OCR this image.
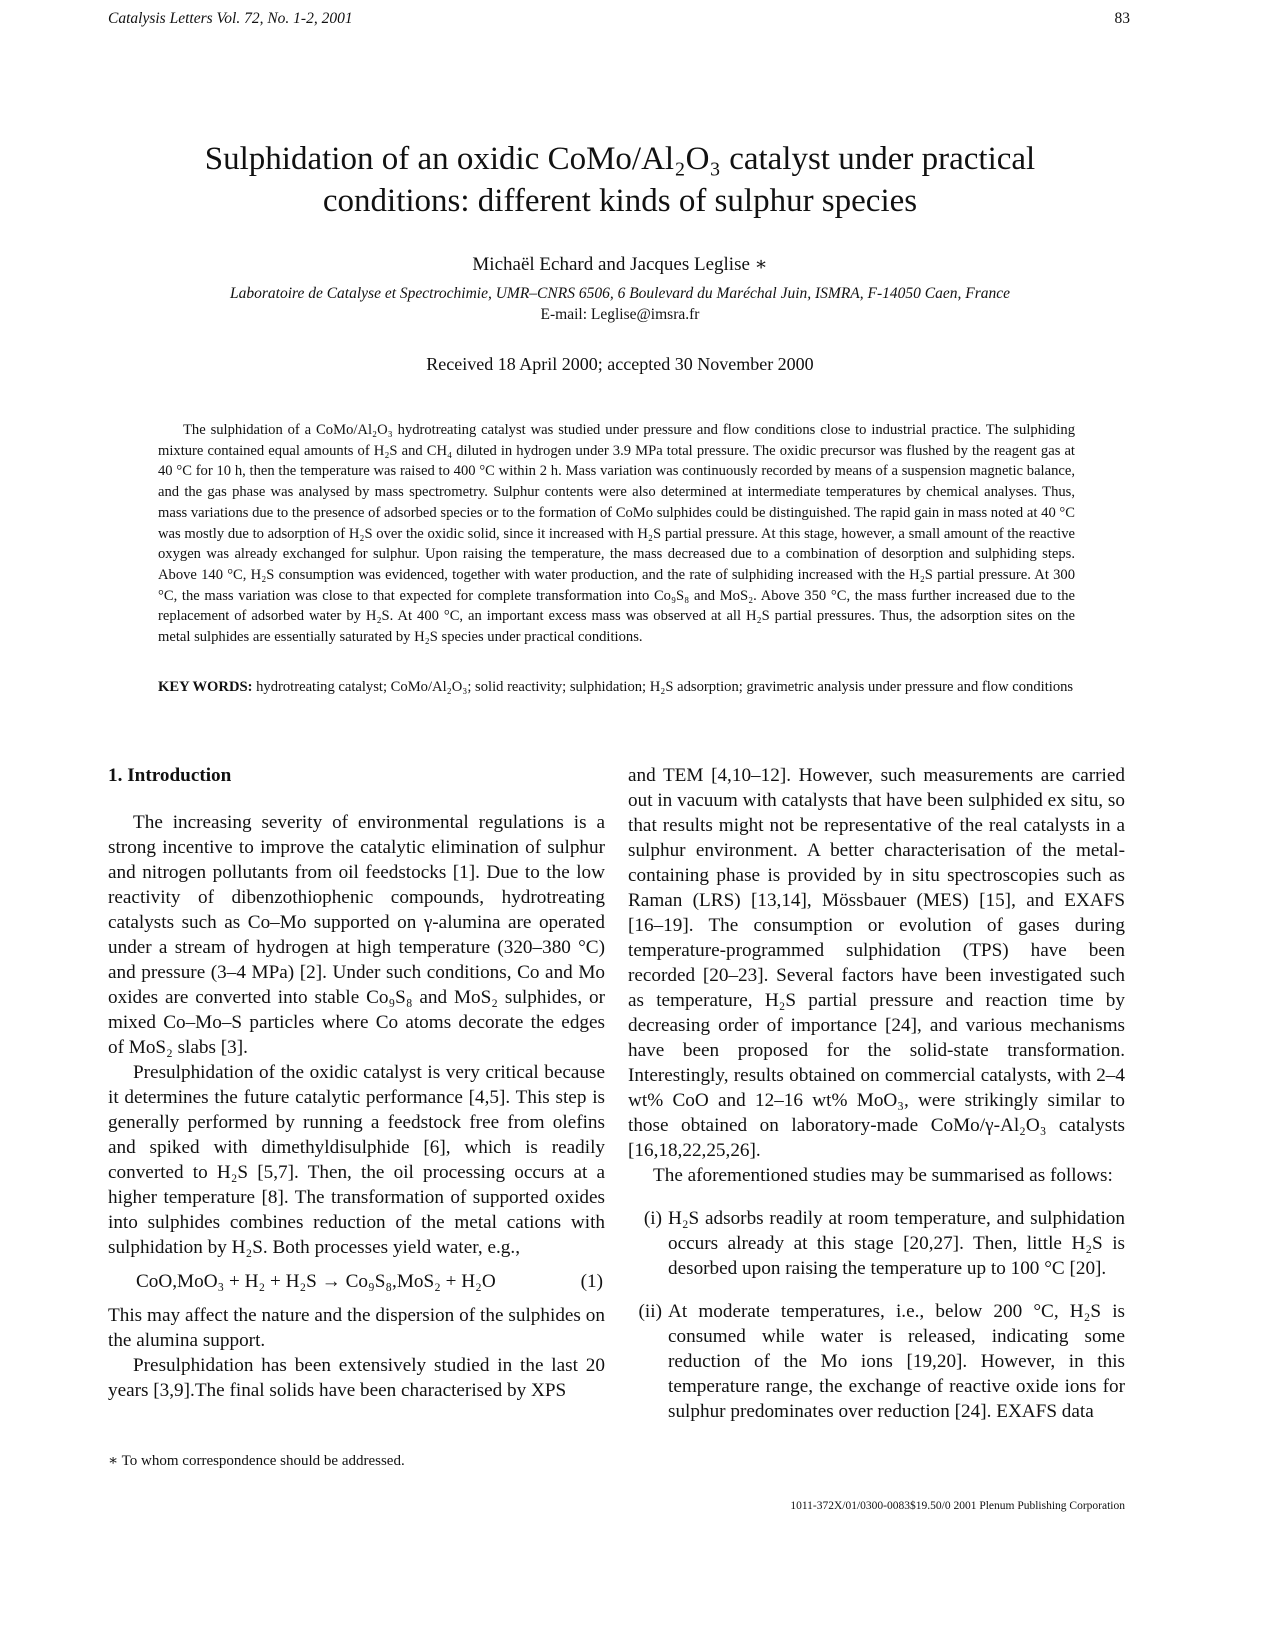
Catalysis Letters Vol. 72, No. 1-2, 2001	83
Sulphidation of an oxidic CoMo/Al₂O₃ catalyst under practical
conditions: different kinds of sulphur species
Michaël Echard and Jacques Leglise ∗
Laboratoire de Catalyse et Spectrochimie, UMR–CNRS 6506, 6 Boulevard du Maréchal Juin, ISMRA, F-14050 Caen, France
E-mail: Leglise@imsra.fr
Received 18 April 2000; accepted 30 November 2000

The sulphidation of a CoMo/Al₂O₃ hydrotreating catalyst was studied under pressure and flow conditions close to industrial practice. The sulphiding mixture contained equal amounts of H₂S and CH₄ diluted in hydrogen under 3.9 MPa total pressure. The oxidic precursor was flushed by the reagent gas at 40 °C for 10 h, then the temperature was raised to 400 °C within 2 h. Mass variation was continuously recorded by means of a suspension magnetic balance, and the gas phase was analysed by mass spectrometry. Sulphur contents were also determined at intermediate temperatures by chemical analyses. Thus, mass variations due to the presence of adsorbed species or to the formation of CoMo sulphides could be distinguished. The rapid gain in mass noted at 40 °C was mostly due to adsorption of H₂S over the oxidic solid, since it increased with H₂S partial pressure. At this stage, however, a small amount of the reactive oxygen was already exchanged for sulphur. Upon raising the temperature, the mass decreased due to a combination of desorption and sulphiding steps. Above 140 °C, H₂S consumption was evidenced, together with water production, and the rate of sulphiding increased with the H₂S partial pressure. At 300 °C, the mass variation was close to that expected for complete transformation into Co₉S₈ and MoS₂. Above 350 °C, the mass further increased due to the replacement of adsorbed water by H₂S. At 400 °C, an important excess mass was observed at all H₂S partial pressures. Thus, the adsorption sites on the metal sulphides are essentially saturated by H₂S species under practical conditions.

KEY WORDS: hydrotreating catalyst; CoMo/Al₂O₃; solid reactivity; sulphidation; H₂S adsorption; gravimetric analysis under pressure and flow conditions

1. Introduction

The increasing severity of environmental regulations is a strong incentive to improve the catalytic elimination of sulphur and nitrogen pollutants from oil feedstocks [1]. Due to the low reactivity of dibenzothiophenic compounds, hydrotreating catalysts such as Co–Mo supported on γ-alumina are operated under a stream of hydrogen at high temperature (320–380 °C) and pressure (3–4 MPa) [2]. Under such conditions, Co and Mo oxides are converted into stable Co₉S₈ and MoS₂ sulphides, or mixed Co–Mo–S particles where Co atoms decorate the edges of MoS₂ slabs [3].

Presulphidation of the oxidic catalyst is very critical because it determines the future catalytic performance [4,5]. This step is generally performed by running a feedstock free from olefins and spiked with dimethyldisulphide [6], which is readily converted to H₂S [5,7]. Then, the oil processing occurs at a higher temperature [8]. The transformation of supported oxides into sulphides combines reduction of the metal cations with sulphidation by H₂S. Both processes yield water, e.g.,

CoO,MoO₃ + H₂ + H₂S → Co₉S₈,MoS₂ + H₂O	(1)

This may affect the nature and the dispersion of the sulphides on the alumina support.

Presulphidation has been extensively studied in the last 20 years [3,9].The final solids have been characterised by XPS

and TEM [4,10–12]. However, such measurements are carried out in vacuum with catalysts that have been sulphided ex situ, so that results might not be representative of the real catalysts in a sulphur environment. A better characterisation of the metal-containing phase is provided by in situ spectroscopies such as Raman (LRS) [13,14], Mössbauer (MES) [15], and EXAFS [16–19]. The consumption or evolution of gases during temperature-programmed sulphidation (TPS) have been recorded [20–23]. Several factors have been investigated such as temperature, H₂S partial pressure and reaction time by decreasing order of importance [24], and various mechanisms have been proposed for the solid-state transformation. Interestingly, results obtained on commercial catalysts, with 2–4 wt% CoO and 12–16 wt% MoO₃, were strikingly similar to those obtained on laboratory-made CoMo/γ-Al₂O₃ catalysts [16,18,22,25,26].

The aforementioned studies may be summarised as follows:

(i) H₂S adsorbs readily at room temperature, and sulphidation occurs already at this stage [20,27]. Then, little H₂S is desorbed upon raising the temperature up to 100 °C [20].
(ii) At moderate temperatures, i.e., below 200 °C, H₂S is consumed while water is released, indicating some reduction of the Mo ions [19,20]. However, in this temperature range, the exchange of reactive oxide ions for sulphur predominates over reduction [24]. EXAFS data
∗ To whom correspondence should be addressed.
1011-372X/01/0300-0083$19.50/0 2001 Plenum Publishing Corporation
